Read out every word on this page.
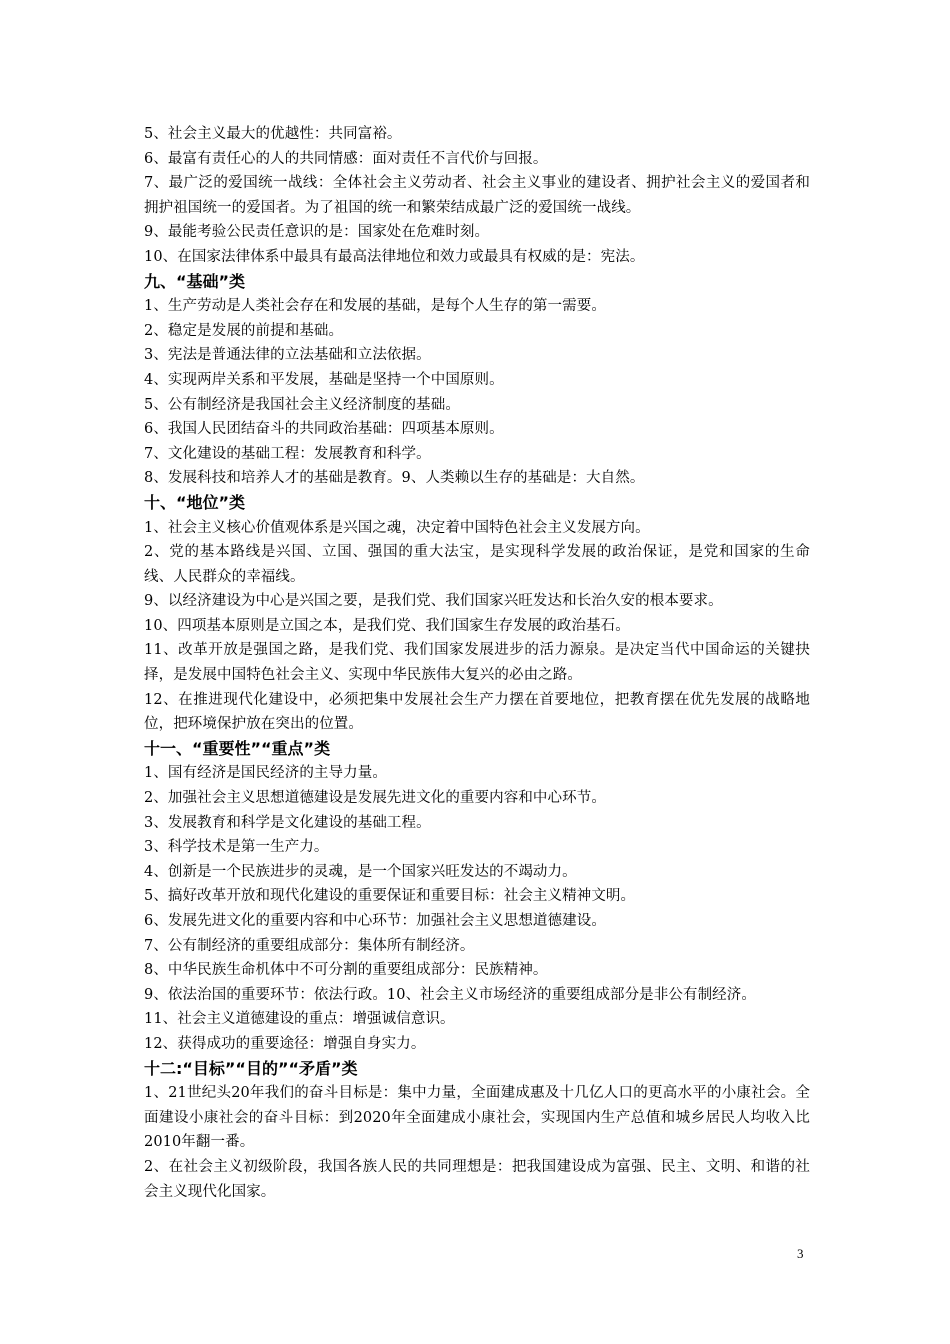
5、社会主义最大的优越性：共同富裕。

6、最富有责任心的人的共同情感：面对责任不言代价与回报。

7、最广泛的爱国统一战线：全体社会主义劳动者、社会主义事业的建设者、拥护社会主义的爱国者和拥护祖国统一的爱国者。为了祖国的统一和繁荣结成最广泛的爱国统一战线。

9、最能考验公民责任意识的是：国家处在危难时刻。

10、在国家法律体系中最具有最高法律地位和效力或最具有权威的是：宪法。

九、“基础”类

1、生产劳动是人类社会存在和发展的基础，是每个人生存的第一需要。

2、稳定是发展的前提和基础。

3、宪法是普通法律的立法基础和立法依据。

4、实现两岸关系和平发展，基础是坚持一个中国原则。

5、公有制经济是我国社会主义经济制度的基础。

6、我国人民团结奋斗的共同政治基础：四项基本原则。

7、文化建设的基础工程：发展教育和科学。

8、发展科技和培养人才的基础是教育。9、人类赖以生存的基础是：大自然。

十、“地位”类

1、社会主义核心价值观体系是兴国之魂，决定着中国特色社会主义发展方向。

2、党的基本路线是兴国、立国、强国的重大法宝，是实现科学发展的政治保证，是党和国家的生命线、人民群众的幸福线。

9、以经济建设为中心是兴国之要，是我们党、我们国家兴旺发达和长治久安的根本要求。

10、四项基本原则是立国之本，是我们党、我们国家生存发展的政治基石。

11、改革开放是强国之路，是我们党、我们国家发展进步的活力源泉。是决定当代中国命运的关键抉择，是发展中国特色社会主义、实现中华民族伟大复兴的必由之路。

12、在推进现代化建设中，必须把集中发展社会生产力摆在首要地位，把教育摆在优先发展的战略地位，把环境保护放在突出的位置。

十一、“重要性”“重点”类

1、国有经济是国民经济的主导力量。

2、加强社会主义思想道德建设是发展先进文化的重要内容和中心环节。

3、发展教育和科学是文化建设的基础工程。

3、科学技术是第一生产力。

4、创新是一个民族进步的灵魂，是一个国家兴旺发达的不竭动力。

5、搞好改革开放和现代化建设的重要保证和重要目标：社会主义精神文明。

6、发展先进文化的重要内容和中心环节：加强社会主义思想道德建设。

7、公有制经济的重要组成部分：集体所有制经济。

8、中华民族生命机体中不可分割的重要组成部分：民族精神。

9、依法治国的重要环节：依法行政。10、社会主义市场经济的重要组成部分是非公有制经济。

11、社会主义道德建设的重点：增强诚信意识。

12、获得成功的重要途径：增强自身实力。

十二:“目标”“目的”“矛盾”类

1、21世纪头20年我们的奋斗目标是：集中力量，全面建成惠及十几亿人口的更高水平的小康社会。全面建设小康社会的奋斗目标：到2020年全面建成小康社会，实现国内生产总值和城乡居民人均收入比2010年翻一番。

2、在社会主义初级阶段，我国各族人民的共同理想是：把我国建设成为富强、民主、文明、和谐的社会主义现代化国家。

3
